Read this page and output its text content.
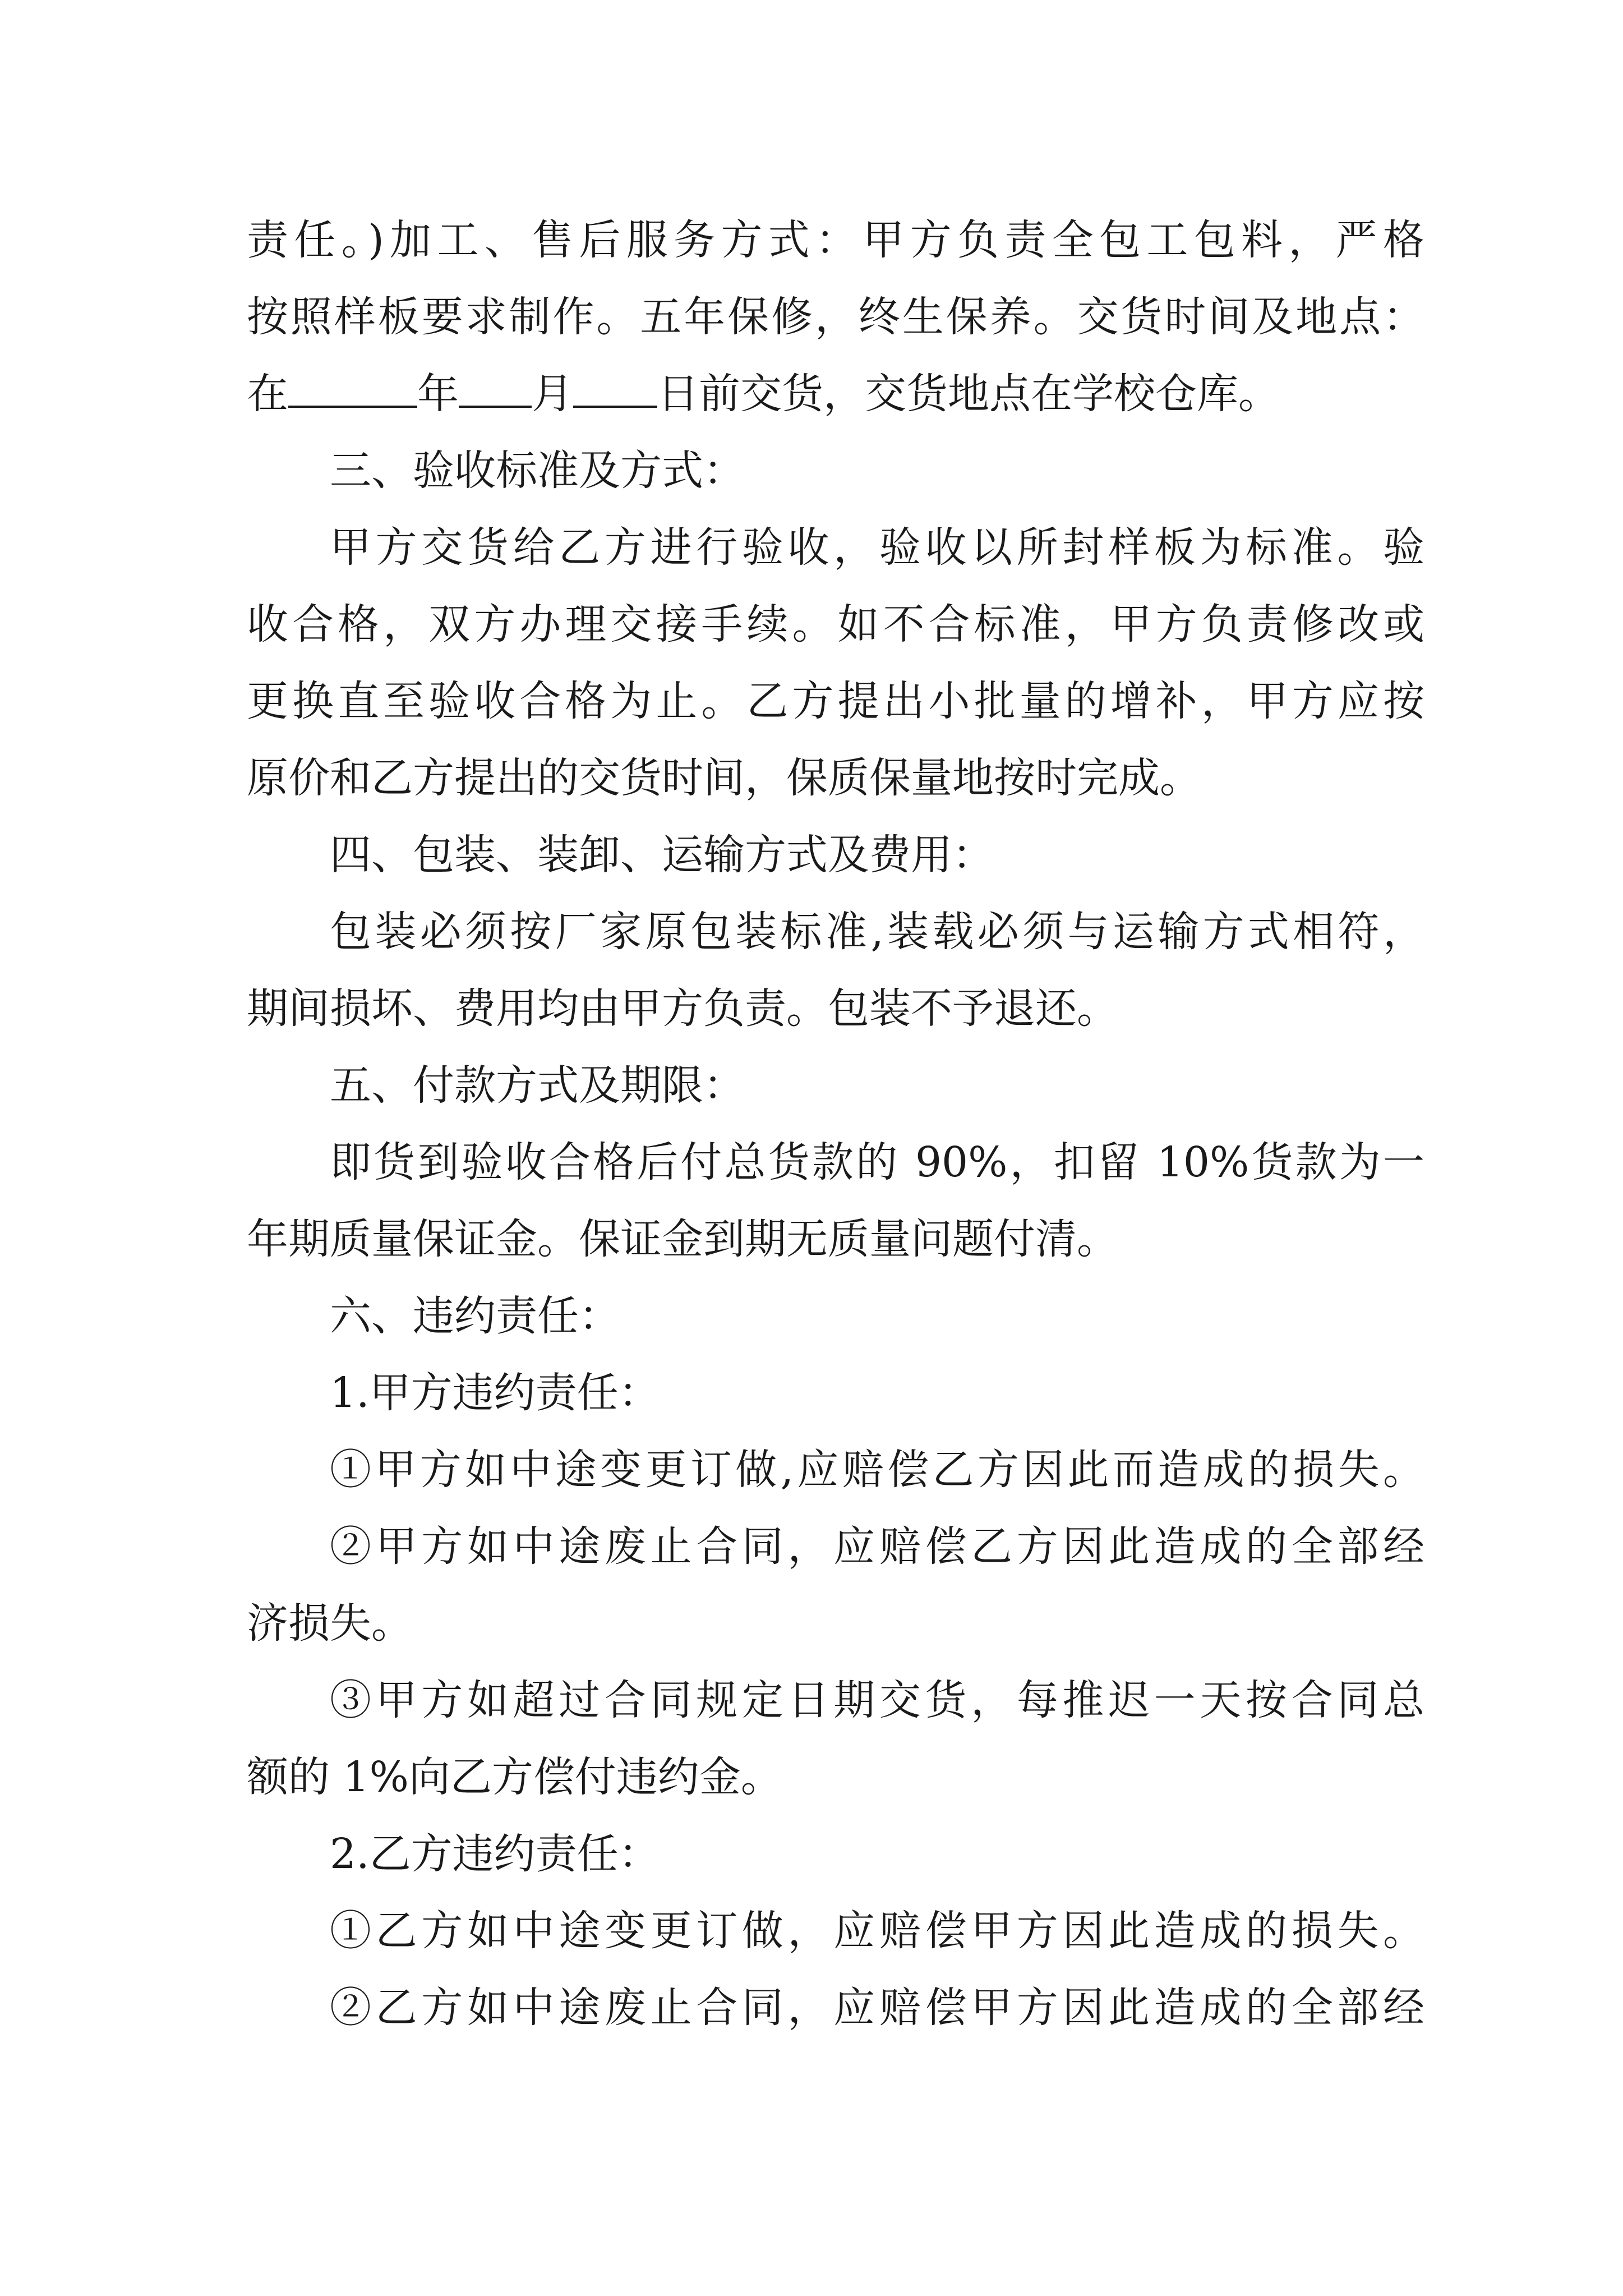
责任。)加工、售后服务方式：甲方负责全包工包料，严格
按照样板要求制作。五年保修，终生保养。交货时间及地点：
在	年 月 日前交货，交货地点在学校仓库。
三、验收标准及方式：
甲方交货给乙方进行验收，验收以所封样板为标准。验
收合格，双方办理交接手续。如不合标准，甲方负责修改或
更换直至验收合格为止。乙方提出小批量的增补，甲方应按
原价和乙方提出的交货时间，保质保量地按时完成。
四、包装、装卸、运输方式及费用：
包装必须按厂家原包装标准,装载必须与运输方式相符，
期间损坏、费用均由甲方负责。包装不予退还。
五、付款方式及期限：
即货到验收合格后付总货款的 90%，扣留 10%货款为一
年期质量保证金。保证金到期无质量问题付清。
六、违约责任：
1.甲方违约责任：
①甲方如中途变更订做,应赔偿乙方因此而造成的损失。
②甲方如中途废止合同，应赔偿乙方因此造成的全部经
济损失。
③甲方如超过合同规定日期交货，每推迟一天按合同总
额的 1%向乙方偿付违约金。
2.乙方违约责任：
①乙方如中途变更订做，应赔偿甲方因此造成的损失。
②乙方如中途废止合同，应赔偿甲方因此造成的全部经
